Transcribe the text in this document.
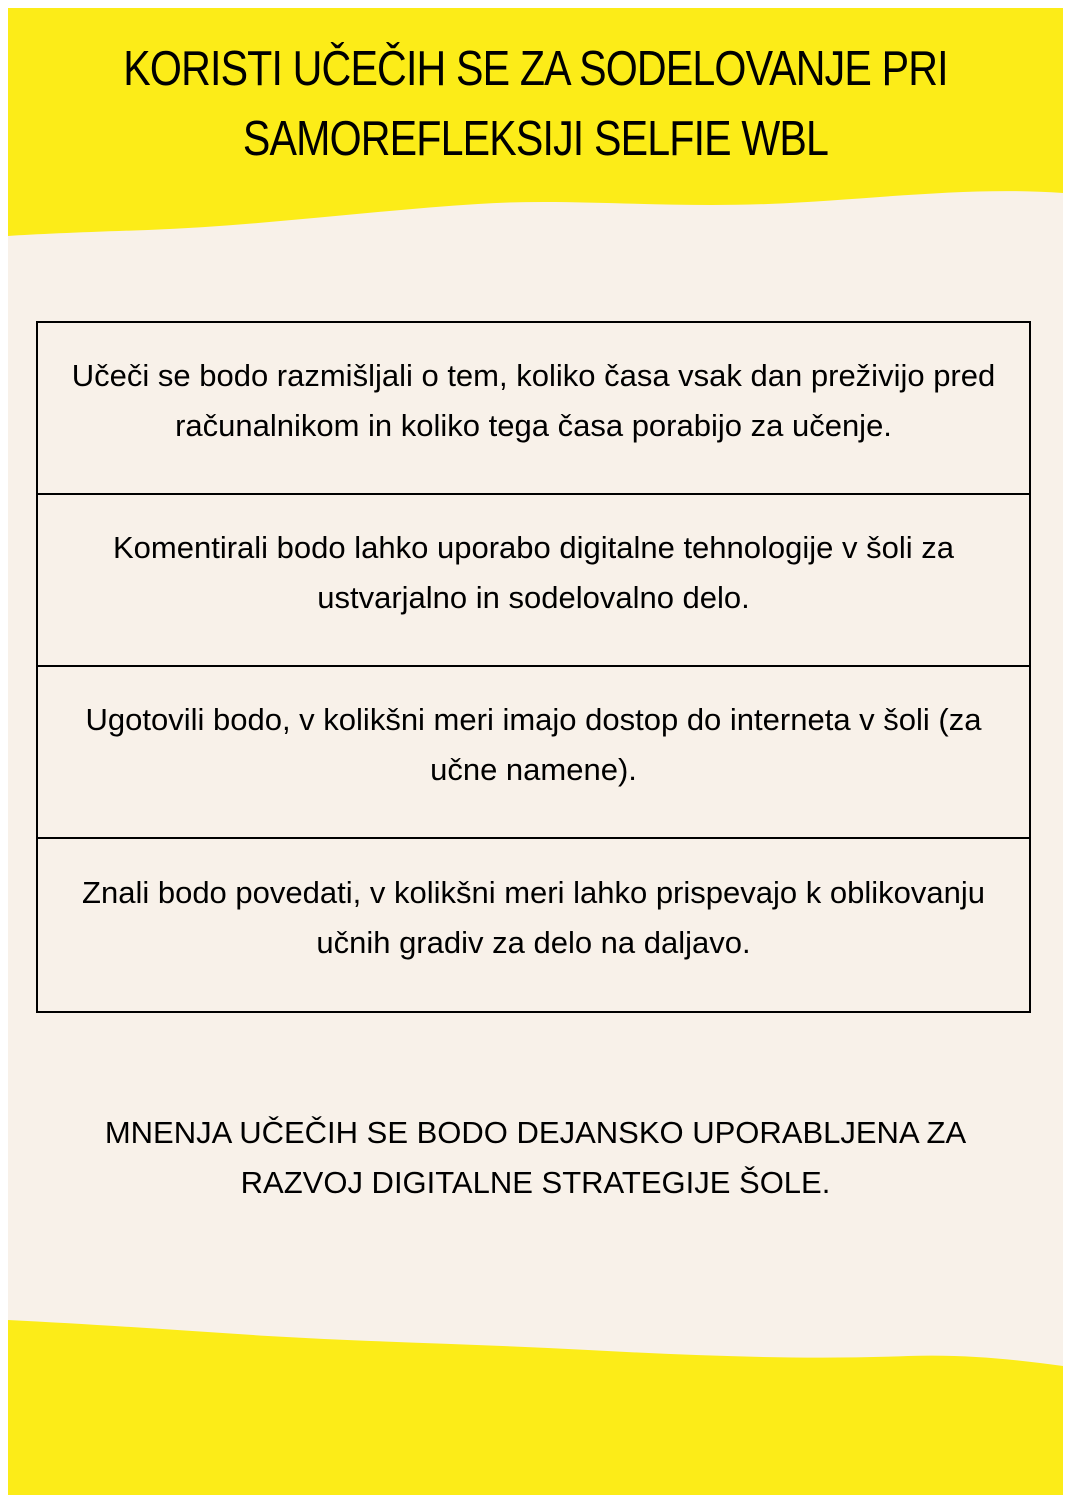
KORISTI UČEČIH SE ZA SODELOVANJE PRI SAMOREFLEKSIJI SELFIE WBL
Učeči se bodo razmišljali o tem, koliko časa vsak dan preživijo pred računalnikom in koliko tega časa porabijo za učenje.
Komentirali bodo lahko uporabo digitalne tehnologije v šoli za ustvarjalno in sodelovalno delo.
Ugotovili bodo, v kolikšni meri imajo dostop do interneta v šoli (za učne namene).
Znali bodo povedati, v kolikšni meri lahko prispevajo k oblikovanju učnih gradiv za delo na daljavo.

MNENJA UČEČIH SE BODO DEJANSKO UPORABLJENA ZA RAZVOJ DIGITALNE STRATEGIJE ŠOLE.
